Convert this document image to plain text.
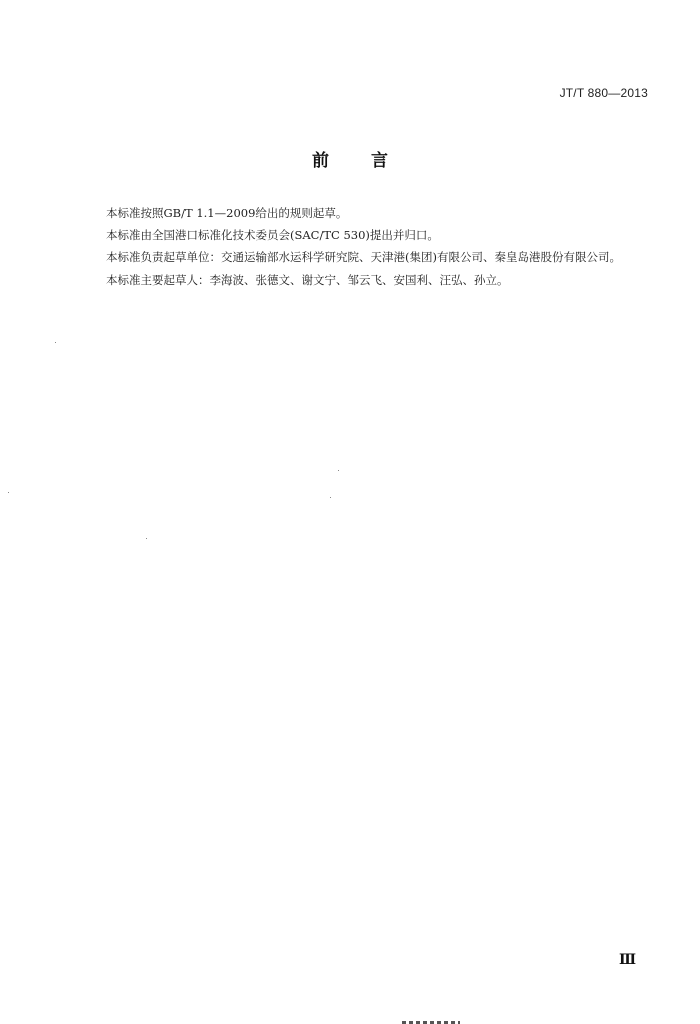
JT/T 880—2013
前 言

本标准按照GB/T 1.1—2009给出的规则起草。

本标准由全国港口标准化技术委员会(SAC/TC 530)提出并归口。

本标准负责起草单位：交通运输部水运科学研究院、天津港(集团)有限公司、秦皇岛港股份有限公司。

本标准主要起草人：李海波、张德文、谢文宁、邹云飞、安国利、汪弘、孙立。

Ⅲ
